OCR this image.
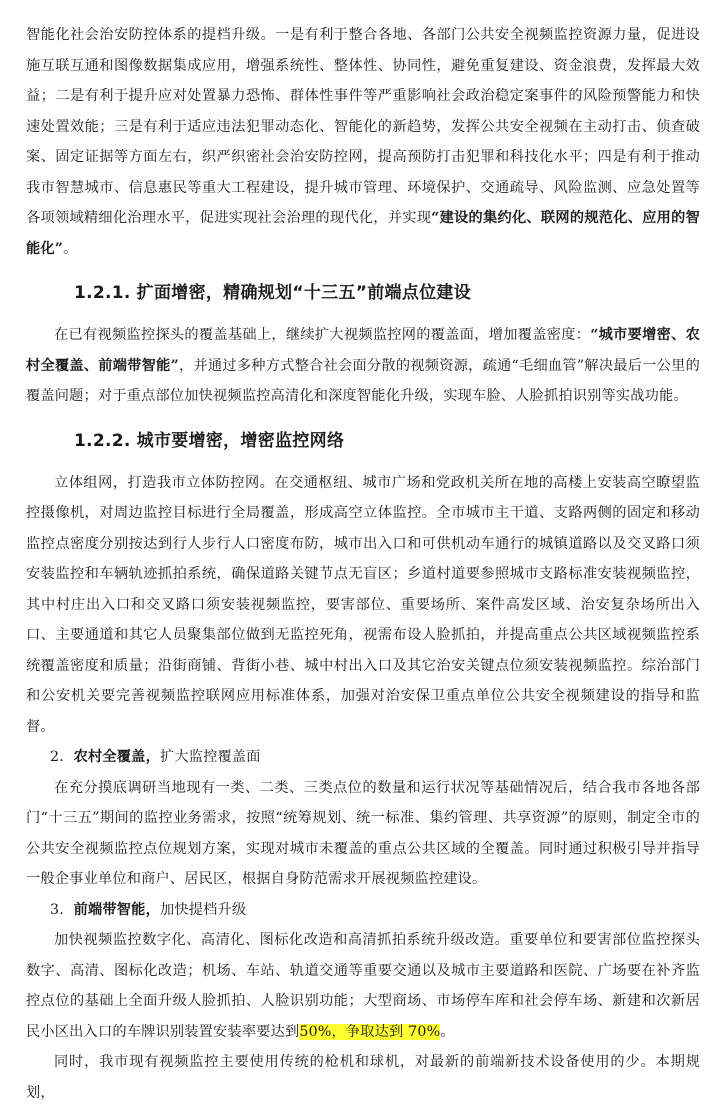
智能化社会治安防控体系的提档升级。一是有利于整合各地、各部门公共安全视频监控资源力量，促进设施互联互通和图像数据集成应用，增强系统性、整体性、协同性，避免重复建设、资金浪费，发挥最大效益；二是有利于提升应对处置暴力恐怖、群体性事件等严重影响社会政治稳定案事件的风险预警能力和快速处置效能；三是有利于适应违法犯罪动态化、智能化的新趋势，发挥公共安全视频在主动打击、侦查破案、固定证据等方面左右，织严织密社会治安防控网，提高预防打击犯罪和科技化水平；四是有利于推动我市智慧城市、信息惠民等重大工程建设，提升城市管理、环境保护、交通疏导、风险监测、应急处置等各项领域精细化治理水平，促进实现社会治理的现代化，并实现“建设的集约化、联网的规范化、应用的智能化”。

1.2.1. 扩面增密，精确规划“十三五”前端点位建设

在已有视频监控探头的覆盖基础上，继续扩大视频监控网的覆盖面，增加覆盖密度：“城市要增密、农村全覆盖、前端带智能”，并通过多种方式整合社会面分散的视频资源，疏通“毛细血管”解决最后一公里的覆盖问题；对于重点部位加快视频监控高清化和深度智能化升级，实现车脸、人脸抓拍识别等实战功能。

1.2.2. 城市要增密，增密监控网络

立体组网，打造我市立体防控网。在交通枢纽、城市广场和党政机关所在地的高楼上安装高空瞭望监控摄像机，对周边监控目标进行全局覆盖，形成高空立体监控。全市城市主干道、支路两侧的固定和移动监控点密度分别按达到行人步行人口密度布防，城市出入口和可供机动车通行的城镇道路以及交叉路口须安装监控和车辆轨迹抓拍系统，确保道路关键节点无盲区；乡道村道要参照城市支路标准安装视频监控，其中村庄出入口和交叉路口须安装视频监控，要害部位、重要场所、案件高发区域、治安复杂场所出入口、主要通道和其它人员聚集部位做到无监控死角，视需布设人脸抓拍，并提高重点公共区域视频监控系统覆盖密度和质量；沿街商铺、背街小巷、城中村出入口及其它治安关键点位须安装视频监控。综治部门和公安机关要完善视频监控联网应用标准体系，加强对治安保卫重点单位公共安全视频建设的指导和监督。

2．农村全覆盖，扩大监控覆盖面

在充分摸底调研当地现有一类、二类、三类点位的数量和运行状况等基础情况后，结合我市各地各部门“十三五”期间的监控业务需求，按照“统筹规划、统一标准、集约管理、共享资源”的原则，制定全市的公共安全视频监控点位规划方案，实现对城市未覆盖的重点公共区域的全覆盖。同时通过积极引导并指导一般企事业单位和商户、居民区，根据自身防范需求开展视频监控建设。

3．前端带智能，加快提档升级

加快视频监控数字化、高清化、图标化改造和高清抓拍系统升级改造。重要单位和要害部位监控探头数字、高清、图标化改造；机场、车站、轨道交通等重要交通以及城市主要道路和医院、广场要在补齐监控点位的基础上全面升级人脸抓拍、人脸识别功能；大型商场、市场停车库和社会停车场、新建和次新居民小区出入口的车牌识别装置安装率要达到50%，争取达到 70%。

同时，我市现有视频监控主要使用传统的枪机和球机，对最新的前端新技术设备使用的少。本期规划，
